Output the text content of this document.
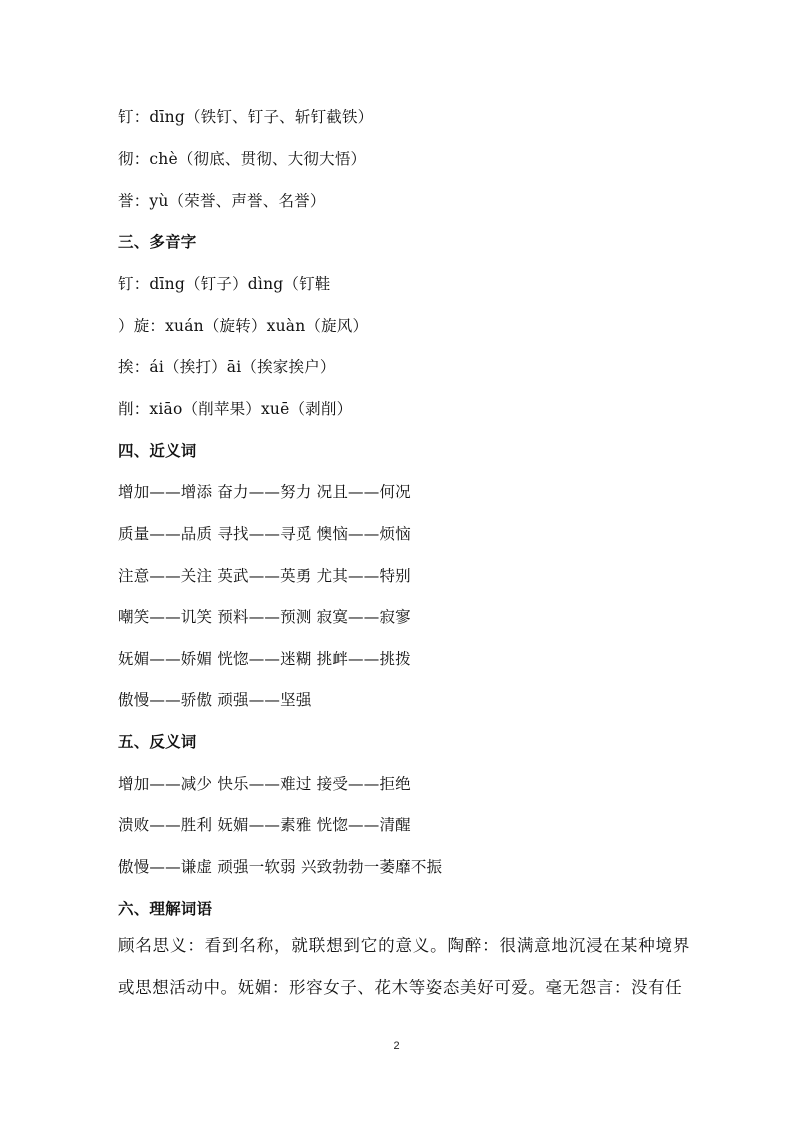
钉：dīng（铁钉、钉子、斩钉截铁）
彻：chè（彻底、贯彻、大彻大悟）
誉：yù（荣誉、声誉、名誉）
三、多音字
钉：dīng（钉子）dìng（钉鞋
）旋：xuán（旋转）xuàn（旋风）
挨：ái（挨打）āi（挨家挨户）
削：xiāo（削苹果）xuē（剥削）
四、近义词
增加——增添 奋力——努力 况且——何况
质量——品质 寻找——寻觅 懊恼——烦恼
注意——关注 英武——英勇 尤其——特别
嘲笑——讥笑 预料——预测 寂寞——寂寥
妩媚——娇媚 恍惚——迷糊 挑衅——挑拨
傲慢——骄傲 顽强——坚强
五、反义词
增加——减少 快乐——难过 接受——拒绝
溃败——胜利 妩媚——素雅 恍惚——清醒
傲慢——谦虚 顽强一软弱 兴致勃勃一萎靡不振
六、理解词语
顾名思义：看到名称，就联想到它的意义。陶醉：很满意地沉浸在某种境界或思想活动中。妩媚：形容女子、花木等姿态美好可爱。毫无怨言：没有任
2
